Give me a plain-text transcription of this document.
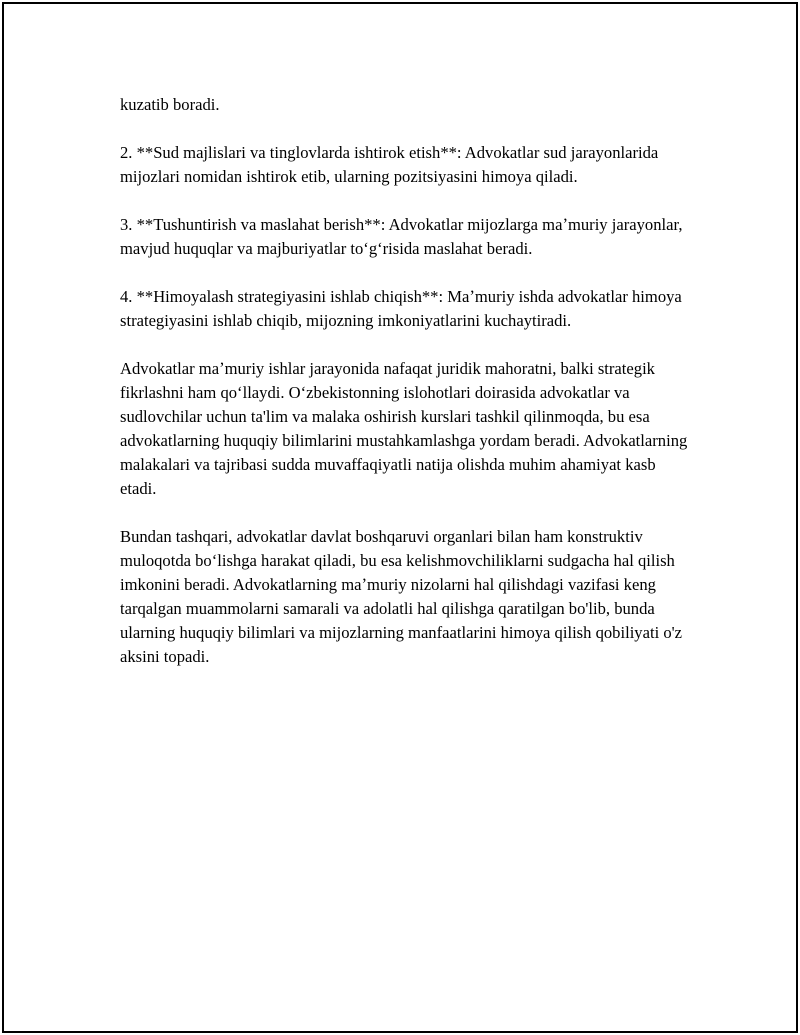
kuzatib boradi.

2. **Sud majlislari va tinglovlarda ishtirok etish**: Advokatlar sud jarayonlarida mijozlari nomidan ishtirok etib, ularning pozitsiyasini himoya qiladi.

3. **Tushuntirish va maslahat berish**: Advokatlar mijozlarga maʼmuriy jarayonlar, mavjud huquqlar va majburiyatlar toʻgʻrisida maslahat beradi.

4. **Himoyalash strategiyasini ishlab chiqish**: Maʼmuriy ishda advokatlar himoya strategiyasini ishlab chiqib, mijozning imkoniyatlarini kuchaytiradi.

Advokatlar maʼmuriy ishlar jarayonida nafaqat juridik mahoratni, balki strategik fikrlashni ham qoʻllaydi. Oʻzbekistonning islohotlari doirasida advokatlar va sudlovchilar uchun ta'lim va malaka oshirish kurslari tashkil qilinmoqda, bu esa advokatlarning huquqiy bilimlarini mustahkamlashga yordam beradi. Advokatlarning malakalari va tajribasi sudda muvaffaqiyatli natija olishda muhim ahamiyat kasb etadi.

Bundan tashqari, advokatlar davlat boshqaruvi organlari bilan ham konstruktiv muloqotda boʻlishga harakat qiladi, bu esa kelishmovchiliklarni sudgacha hal qilish imkonini beradi. Advokatlarning maʼmuriy nizolarni hal qilishdagi vazifasi keng tarqalgan muammolarni samarali va adolatli hal qilishga qaratilgan bo'lib, bunda ularning huquqiy bilimlari va mijozlarning manfaatlarini himoya qilish qobiliyati o'z aksini topadi.
